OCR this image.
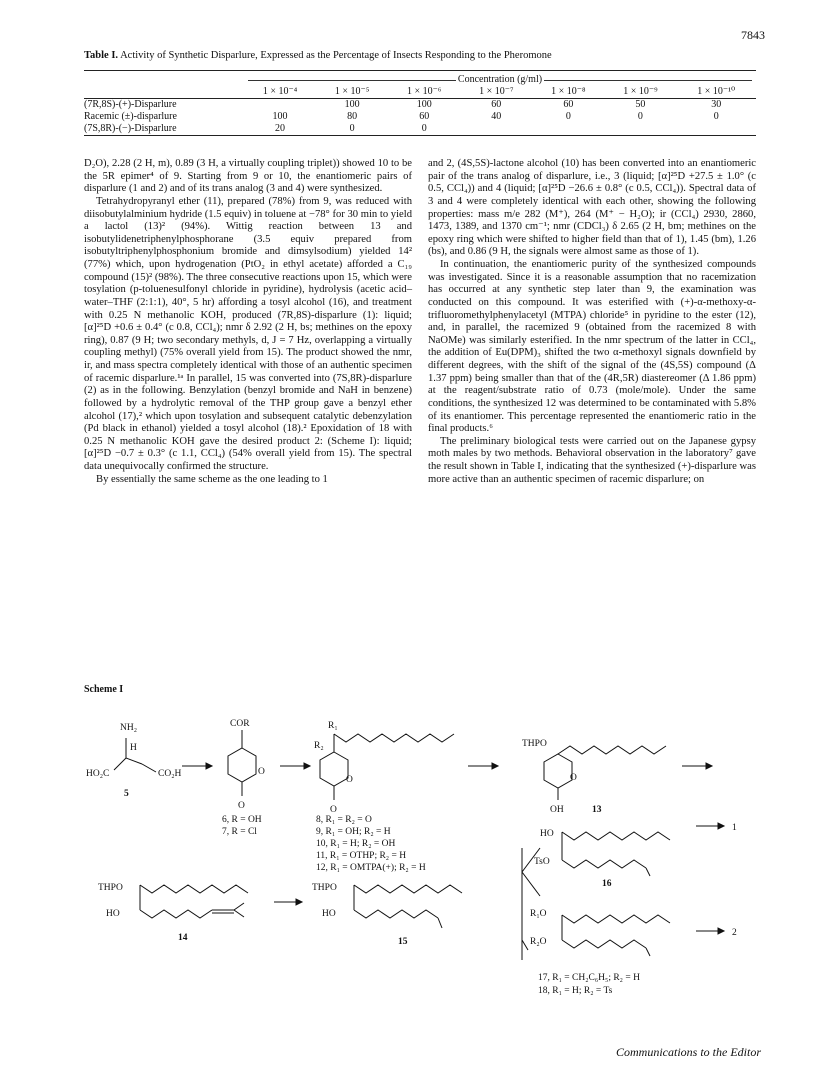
7843
Table I. Activity of Synthetic Disparlure, Expressed as the Percentage of Insects Responding to the Pheromone

	Concentration (g/ml)						
	1 × 10⁻⁴	1 × 10⁻⁵	1 × 10⁻⁶	1 × 10⁻⁷	1 × 10⁻⁸	1 × 10⁻⁹	1 × 10⁻¹⁰
(7R,8S)-(+)-Disparlure		100	100	60	60	50	30
Racemic (±)-disparlure	100	80	60	40	0	0	0
(7S,8R)-(−)-Disparlure	20	0	0				

D₂O), 2.28 (2 H, m), 0.89 (3 H, a virtually coupling triplet)) showed 10 to be the 5R epimer⁴ of 9. Starting from 9 or 10, the enantiomeric pairs of disparlure (1 and 2) and of its trans analog (3 and 4) were synthesized.

Tetrahydropyranyl ether (11), prepared (78%) from 9, was reduced with diisobutylalminium hydride (1.5 equiv) in toluene at −78° for 30 min to yield a lactol (13)² (94%). Wittig reaction between 13 and isobutylidenetriphenylphosphorane (3.5 equiv prepared from isobutyltriphenylphosphonium bromide and dimsylsodium) yielded 14² (77%) which, upon hydrogenation (PtO₂ in ethyl acetate) afforded a C₁₉ compound (15)² (98%). The three consecutive reactions upon 15, which were tosylation (p-toluenesulfonyl chloride in pyridine), hydrolysis (acetic acid–water–THF (2:1:1), 40°, 5 hr) affording a tosyl alcohol (16), and treatment with 0.25 N methanolic KOH, produced (7R,8S)-disparlure (1): liquid; [α]²⁵D +0.6 ± 0.4° (c 0.8, CCl₄); nmr δ 2.92 (2 H, bs; methines on the epoxy ring), 0.87 (9 H; two secondary methyls, d, J = 7 Hz, overlapping a virtually coupling methyl) (75% overall yield from 15). The product showed the nmr, ir, and mass spectra completely identical with those of an authentic specimen of racemic disparlure.¹ᵃ In parallel, 15 was converted into (7S,8R)-disparlure (2) as in the following. Benzylation (benzyl bromide and NaH in benzene) followed by a hydrolytic removal of the THP group gave a benzyl ether alcohol (17),² which upon tosylation and subsequent catalytic debenzylation (Pd black in ethanol) yielded a tosyl alcohol (18).² Epoxidation of 18 with 0.25 N methanolic KOH gave the desired product 2: (Scheme I): liquid; [α]²⁵D −0.7 ± 0.3° (c 1.1, CCl₄) (54% overall yield from 15). The spectral data unequivocally confirmed the structure.

By essentially the same scheme as the one leading to 1

and 2, (4S,5S)-lactone alcohol (10) has been converted into an enantiomeric pair of the trans analog of disparlure, i.e., 3 (liquid; [α]²⁵D +27.5 ± 1.0° (c 0.5, CCl₄)) and 4 (liquid; [α]²⁵D −26.6 ± 0.8° (c 0.5, CCl₄)). Spectral data of 3 and 4 were completely identical with each other, showing the following properties: mass m/e 282 (M⁺), 264 (M⁺ − H₂O); ir (CCl₄) 2930, 2860, 1473, 1389, and 1370 cm⁻¹; nmr (CDCl₃) δ 2.65 (2 H, bm; methines on the epoxy ring which were shifted to higher field than that of 1), 1.45 (bm), 1.26 (bs), and 0.86 (9 H, the signals were almost same as those of 1).

In continuation, the enantiomeric purity of the synthesized compounds was investigated. Since it is a reasonable assumption that no racemization has occurred at any synthetic step later than 9, the examination was conducted on this compound. It was esterified with (+)-α-methoxy-α-trifluoromethylphenylacetyl (MTPA) chloride⁵ in pyridine to the ester (12), and, in parallel, the racemized 9 (obtained from the racemized 8 with NaOMe) was similarly esterified. In the nmr spectrum of the latter in CCl₄, the addition of Eu(DPM)₃ shifted the two α-methoxyl signals downfield by different degrees, with the shift of the signal of the (4S,5S) compound (Δ 1.37 ppm) being smaller than that of the (4R,5R) diastereomer (Δ 1.86 ppm) at the reagent/substrate ratio of 0.73 (mole/mole). Under the same conditions, the synthesized 12 was determined to be contaminated with 5.8% of its enantiomer. This percentage represented the enantiomeric ratio in the final products.⁶

The preliminary biological tests were carried out on the Japanese gypsy moth males by two methods. Behavioral observation in the laboratory⁷ gave the result shown in Table I, indicating that the synthesized (+)-disparlure was more active than an authentic specimen of racemic disparlure; on

Scheme I
NH₂
H
HO₂C	CO₂H
5
COR
O
O
6, R = OH
7, R = Cl
R₁
R₂
O
O
8, R₁ = R₂ = O
9, R₁ = OH; R₂ = H
10, R₁ = H; R₂ = OH
11, R₁ = OTHP; R₂ = H
12, R₁ = OMTPA(+); R₂ = H
THPO
O
OH	13
HO
TsO
16
1
THPO
HO
14
THPO
HO
15
R₁O
R₂O
2
17, R₁ = CH₂C₆H₅; R₂ = H
18, R₁ = H; R₂ = Ts
Communications to the Editor
